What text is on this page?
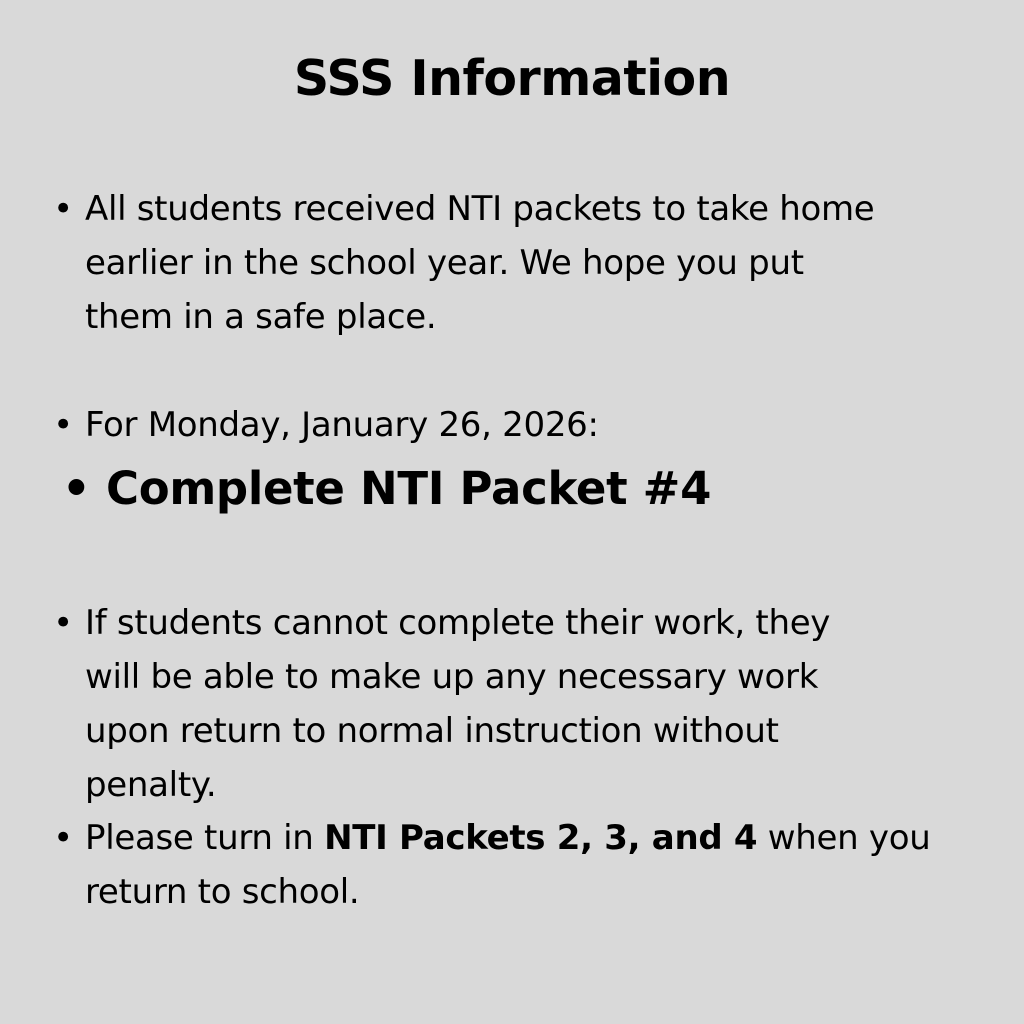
SSS Information
• All students received NTI packets to take home
earlier in the school year. We hope you put
them in a safe place.
• For Monday, January 26, 2026:
• Complete NTI Packet #4
• If students cannot complete their work, they
will be able to make up any necessary work
upon return to normal instruction without
penalty.
• Please turn in NTI Packets 2, 3, and 4 when you
return to school.
